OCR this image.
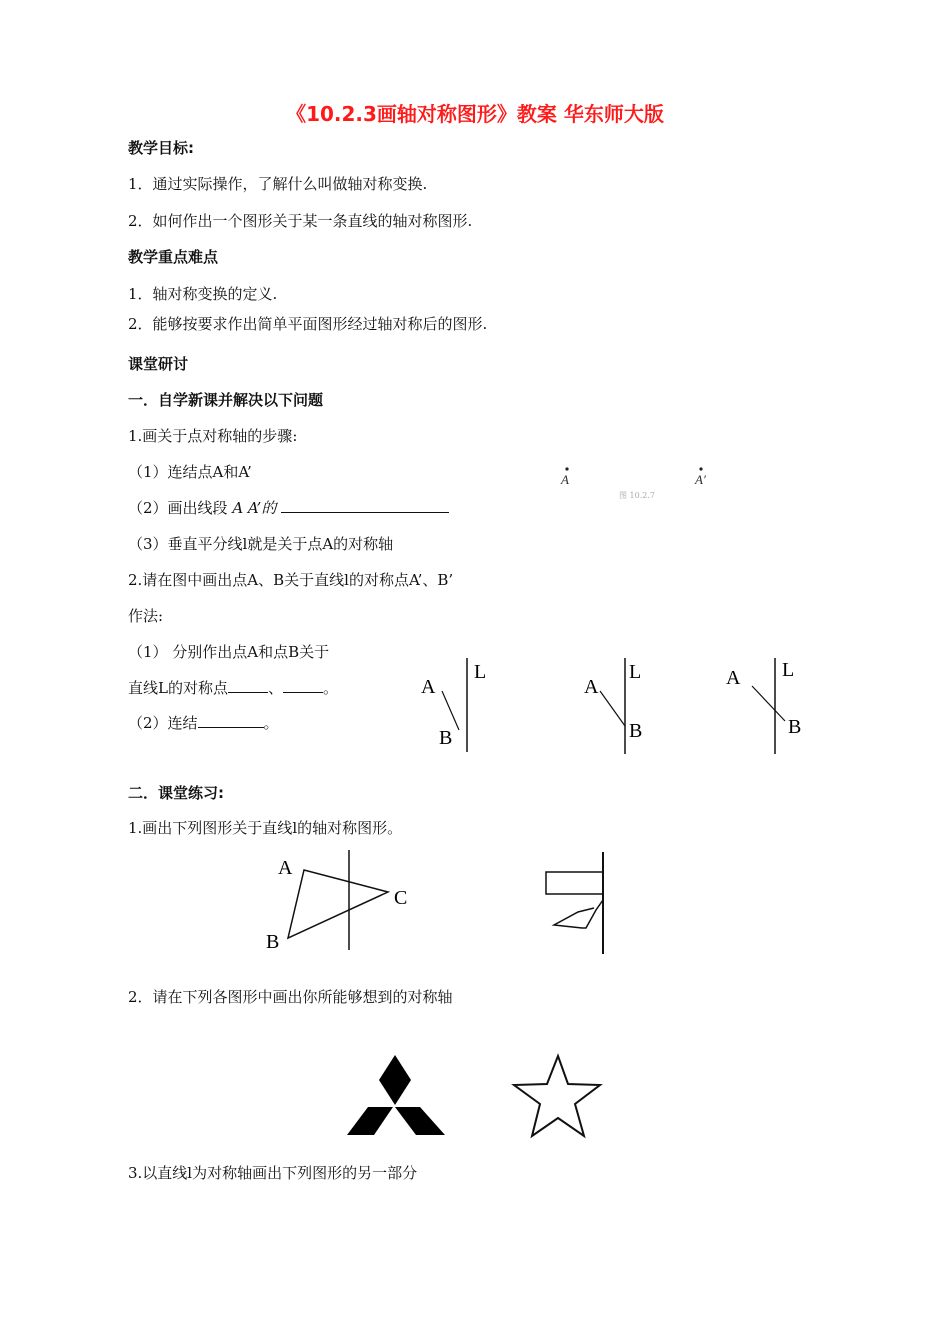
《10.2.3画轴对称图形》教案 华东师大版
教学目标:
1．通过实际操作，了解什么叫做轴对称变换.
2．如何作出一个图形关于某一条直线的轴对称图形.
教学重点难点
1．轴对称变换的定义.
2．能够按要求作出简单平面图形经过轴对称后的图形.
课堂研讨
一．自学新课并解决以下问题
1.画关于点对称轴的步骤:
（1）连结点A和A’
（2）画出线段 A A’的
（3）垂直平分线l就是关于点A的对称轴
A	A′
图 10.2.7
2.请在图中画出点A、B关于直线l的对称点A’、B’
作法:
（1） 分别作出点A和点B关于
直线L的对称点	、	。
（2）连结	。
A
B
L
A
B
L	A
B
L
二．课堂练习:
1.画出下列图形关于直线l的轴对称图形。
A
B
C
2．请在下列各图形中画出你所能够想到的对称轴
3.以直线l为对称轴画出下列图形的另一部分
